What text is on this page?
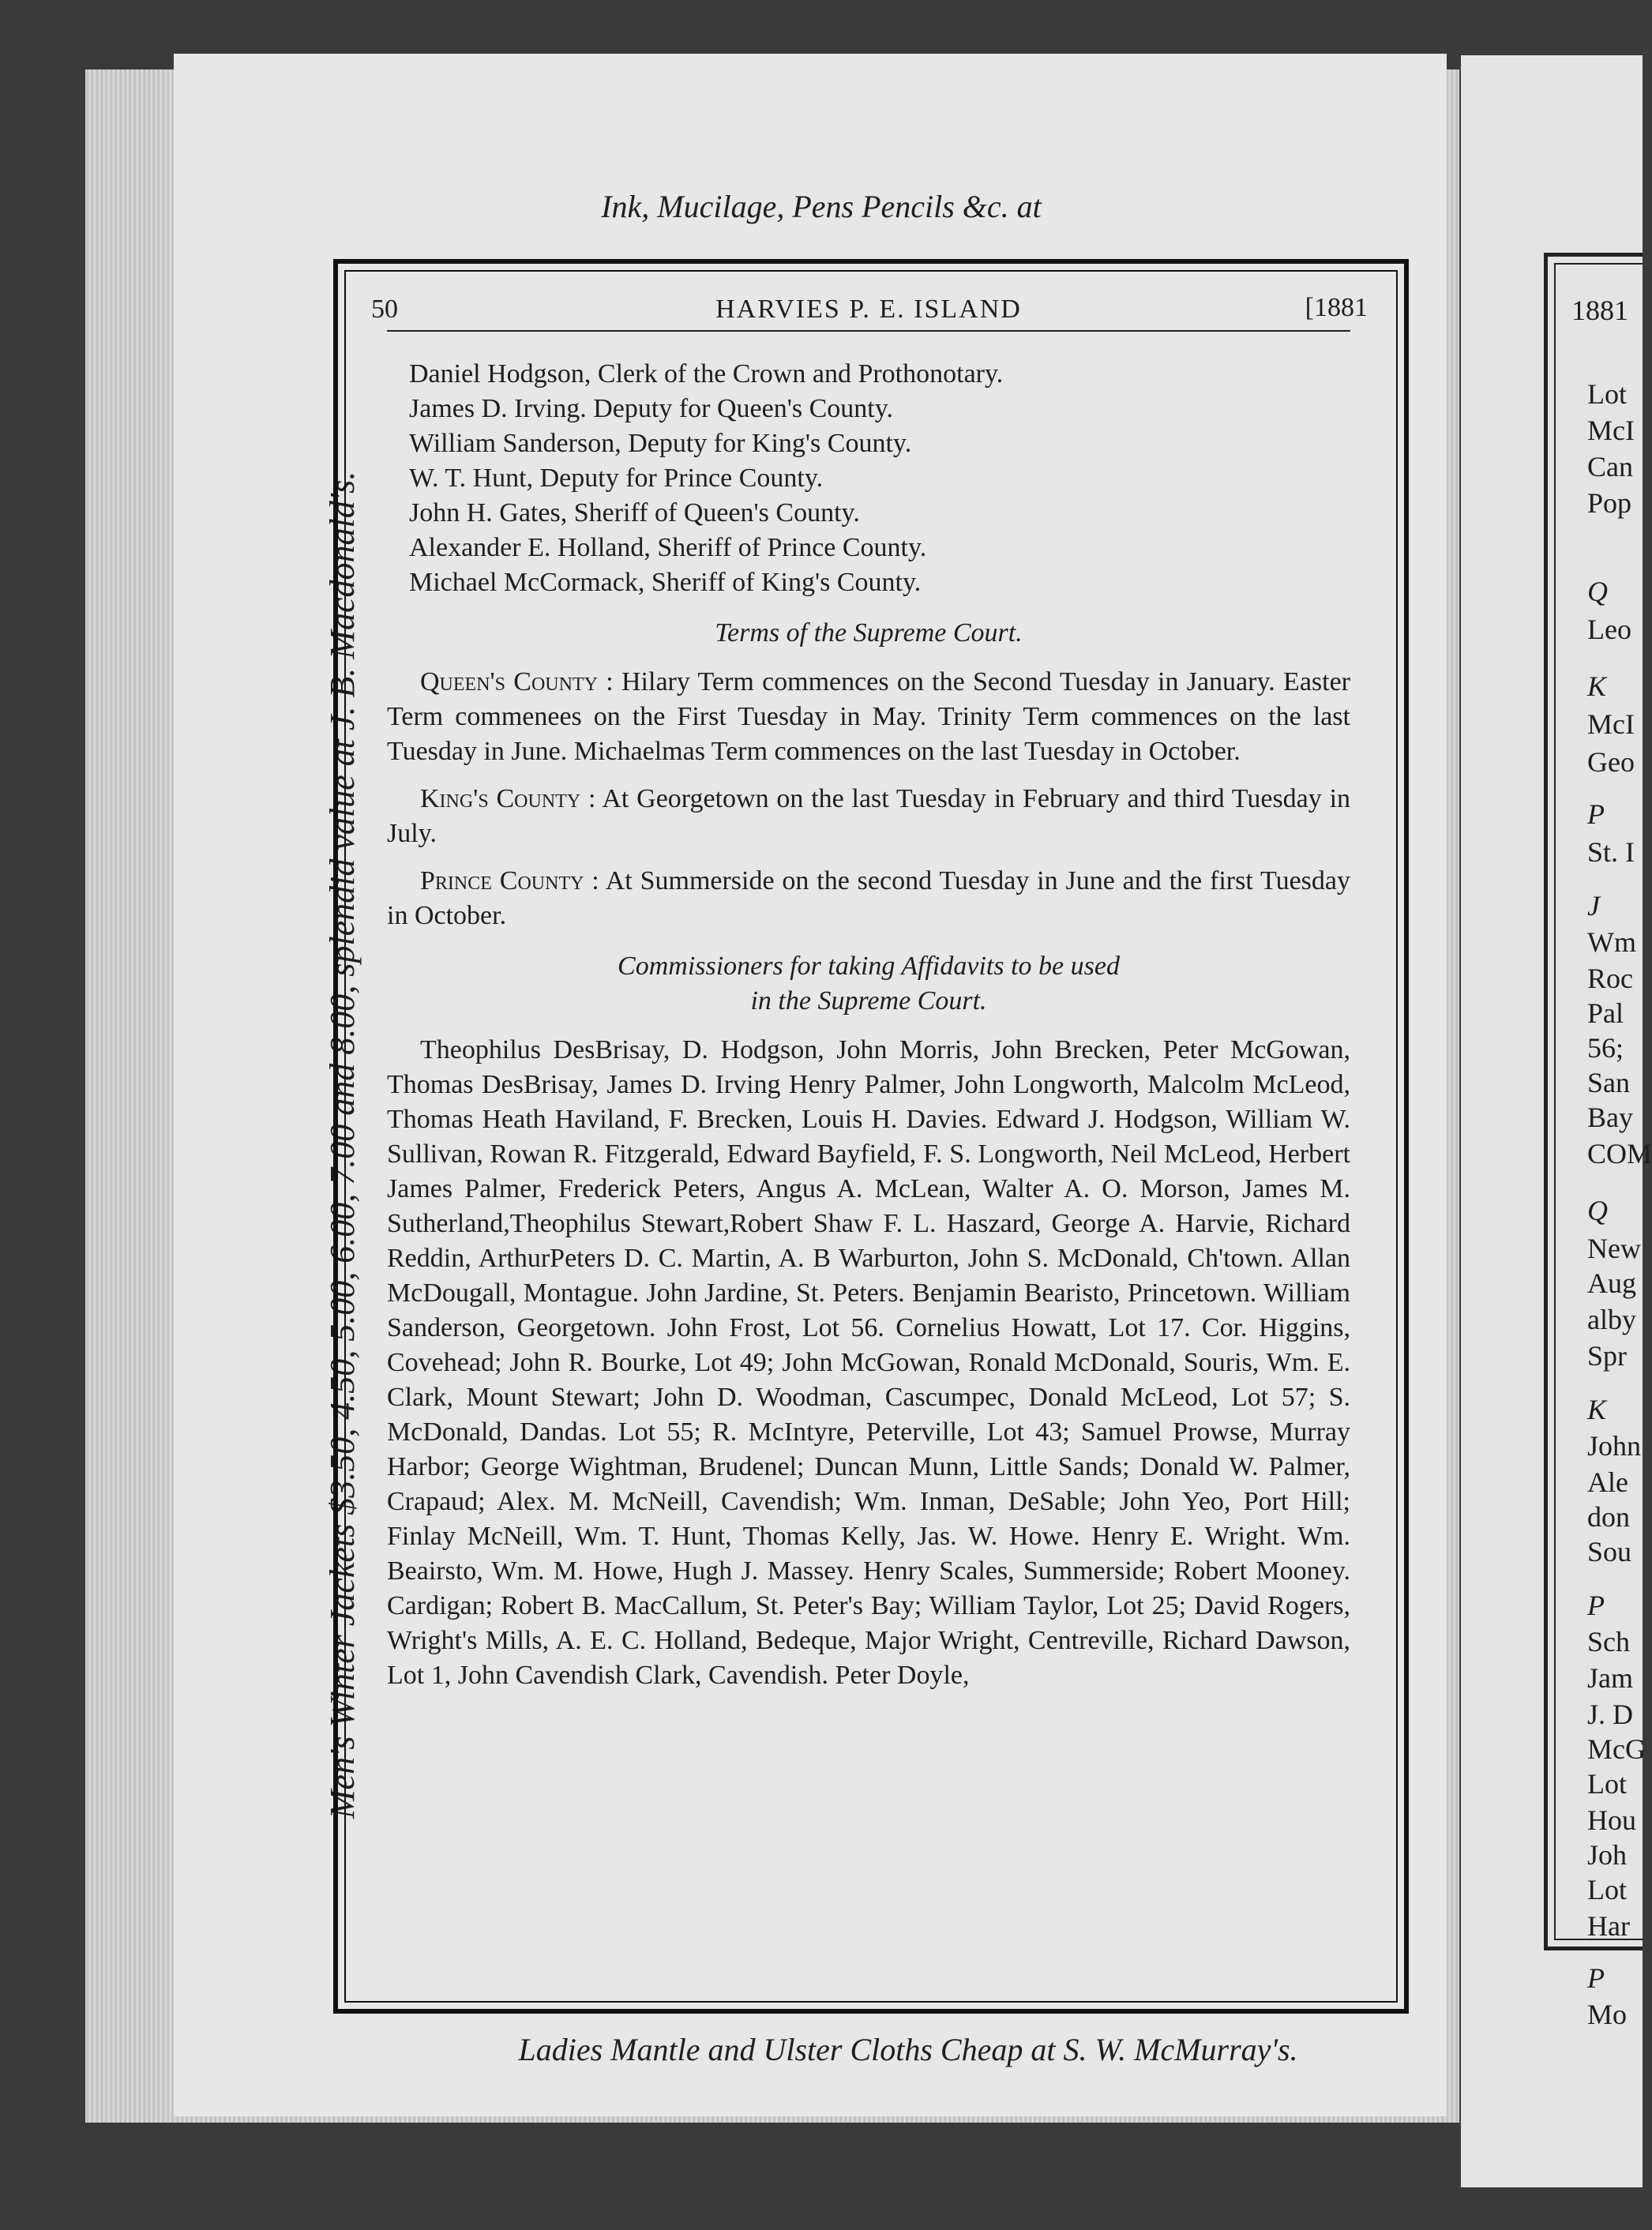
1881
Lot
McI
Can
Pop
Q
Leo
K
McI
Geo
P
St. I
J
Wm
Roc
Pal
56;
San
Bay
COM
Q
New
Aug
alby
Spr
K
John
Ale
don
Sou
P
Sch
Jam
J. D
McG
Lot
Hou
Joh
Lot
Har
P
Mo
Ink, Mucilage, Pens Pencils &c. at
Men's Winter Jackets $3.50, 4.50, 5.00, 6.00, 7.00 and 8.00, splendid value at J. B. Macdonald's.
Ladies Mantle and Ulster Cloths Cheap at S. W. McMurray's.
50	HARVIES P. E. ISLAND	[1881

Daniel Hodgson, Clerk of the Crown and Prothonotary.

James D. Irving. Deputy for Queen's County.

William Sanderson, Deputy for King's County.

W. T. Hunt, Deputy for Prince County.

John H. Gates, Sheriff of Queen's County.

Alexander E. Holland, Sheriff of Prince County.

Michael McCormack, Sheriff of King's County.

Terms of the Supreme Court.

Queen's County : Hilary Term commences on the Second Tuesday in January. Easter Term commenees on the First Tuesday in May. Trinity Term commences on the last Tuesday in June. Michaelmas Term commences on the last Tuesday in October.

King's County : At Georgetown on the last Tuesday in February and third Tuesday in July.

Prince County : At Summerside on the second Tuesday in June and the first Tuesday in October.

Commissioners for taking Affidavits to be used
in the Supreme Court.

Theophilus DesBrisay, D. Hodgson, John Morris, John Brecken, Peter McGowan, Thomas DesBrisay, James D. Irving Henry Palmer, John Longworth, Malcolm McLeod, Thomas Heath Haviland, F. Brecken, Louis H. Davies. Edward J. Hodgson, William W. Sullivan, Rowan R. Fitzgerald, Edward Bayfield, F. S. Longworth, Neil McLeod, Herbert James Palmer, Frederick Peters, Angus A. McLean, Walter A. O. Morson, James M. Sutherland,Theophilus Stewart,Robert Shaw F. L. Haszard, George A. Harvie, Richard Reddin, ArthurPeters D. C. Martin, A. B Warburton, John S. McDonald, Ch'town. Allan McDougall, Montague. John Jardine, St. Peters. Benjamin Bearisto, Princetown. William Sanderson, Georgetown. John Frost, Lot 56. Cornelius Howatt, Lot 17. Cor. Higgins, Covehead; John R. Bourke, Lot 49; John McGowan, Ronald McDonald, Souris, Wm. E. Clark, Mount Stewart; John D. Woodman, Cascumpec, Donald McLeod, Lot 57; S. McDonald, Dandas. Lot 55; R. McIntyre, Peterville, Lot 43; Samuel Prowse, Murray Harbor; George Wightman, Brudenel; Duncan Munn, Little Sands; Donald W. Palmer, Crapaud; Alex. M. McNeill, Cavendish; Wm. Inman, DeSable; John Yeo, Port Hill; Finlay McNeill, Wm. T. Hunt, Thomas Kelly, Jas. W. Howe. Henry E. Wright. Wm. Beairsto, Wm. M. Howe, Hugh J. Massey. Henry Scales, Summerside; Robert Mooney. Cardigan; Robert B. MacCallum, St. Peter's Bay; William Taylor, Lot 25; David Rogers, Wright's Mills, A. E. C. Holland, Bedeque, Major Wright, Centreville, Richard Dawson, Lot 1, John Cavendish Clark, Cavendish. Peter Doyle,
